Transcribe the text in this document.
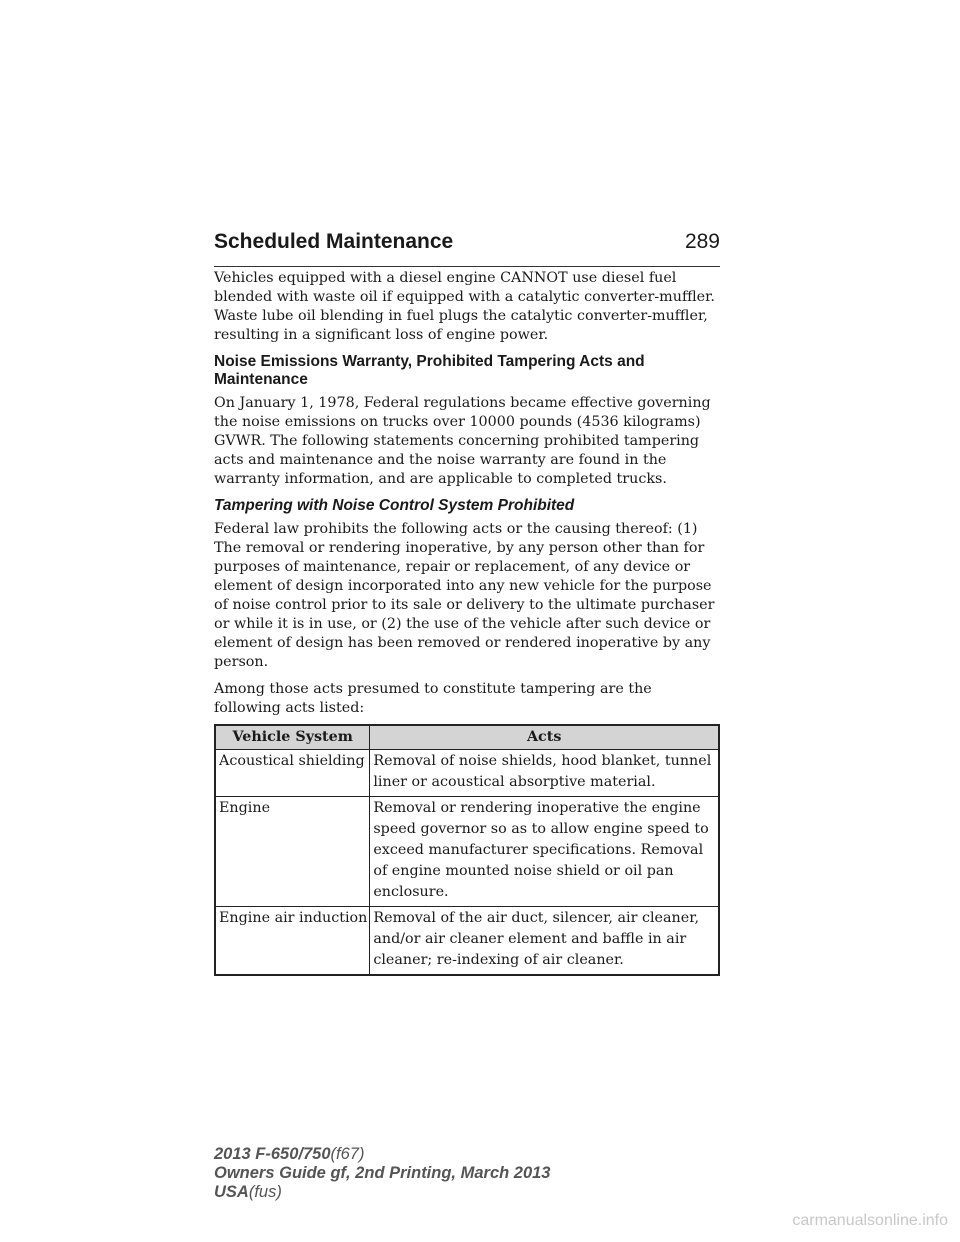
Scheduled Maintenance	289

Vehicles equipped with a diesel engine CANNOT use diesel fuel blended with waste oil if equipped with a catalytic converter-muffler. Waste lube oil blending in fuel plugs the catalytic converter-muffler, resulting in a significant loss of engine power.

Noise Emissions Warranty, Prohibited Tampering Acts and Maintenance

On January 1, 1978, Federal regulations became effective governing the noise emissions on trucks over 10000 pounds (4536 kilograms) GVWR. The following statements concerning prohibited tampering acts and maintenance and the noise warranty are found in the warranty information, and are applicable to completed trucks.

Tampering with Noise Control System Prohibited

Federal law prohibits the following acts or the causing thereof: (1) The removal or rendering inoperative, by any person other than for purposes of maintenance, repair or replacement, of any device or element of design incorporated into any new vehicle for the purpose of noise control prior to its sale or delivery to the ultimate purchaser or while it is in use, or (2) the use of the vehicle after such device or element of design has been removed or rendered inoperative by any person.

Among those acts presumed to constitute tampering are the following acts listed:

Vehicle System	Acts
Acoustical shielding	Removal of noise shields, hood blanket, tunnel liner or acoustical absorptive material.
Engine	Removal or rendering inoperative the engine speed governor so as to allow engine speed to exceed manufacturer specifications. Removal of engine mounted noise shield or oil pan enclosure.
Engine air induction	Removal of the air duct, silencer, air cleaner, and/or air cleaner element and baffle in air cleaner; re-indexing of air cleaner.
2013 F-650/750(f67)
Owners Guide gf, 2nd Printing, March 2013
USA(fus)
carmanualsonline.info
